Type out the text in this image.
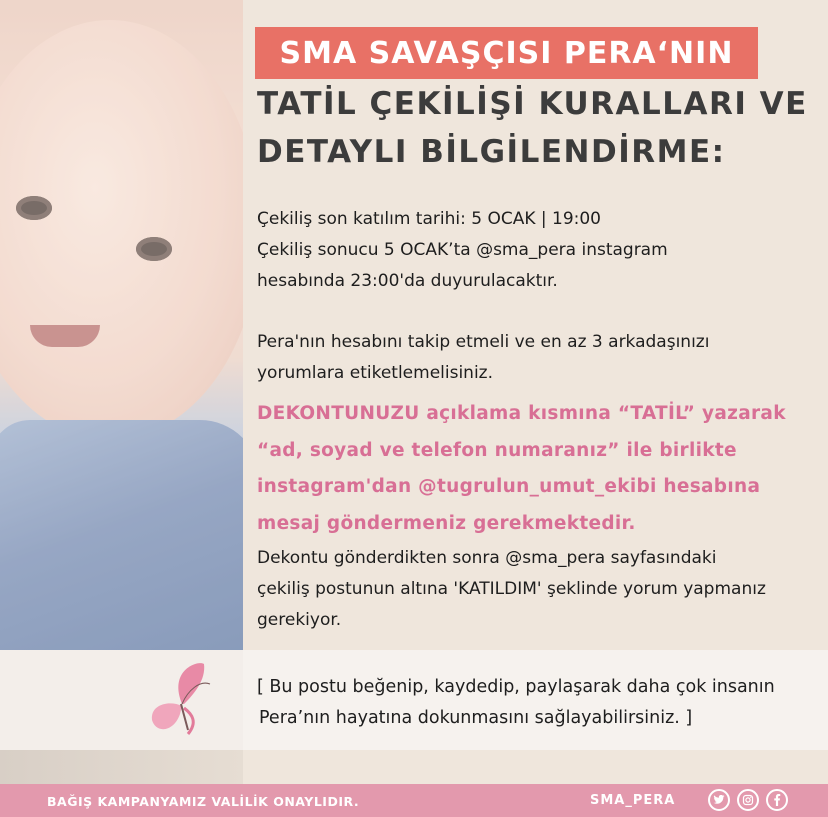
SMA SAVAŞÇISI PERA‘NIN
TATİL ÇEKİLİŞİ KURALLARI VE
DETAYLI BİLGİLENDİRME:
Çekiliş son katılım tarihi: 5 OCAK | 19:00
Çekiliş sonucu 5 OCAK’ta @sma_pera instagram
hesabında 23:00'da duyurulacaktır.
Pera'nın hesabını takip etmeli ve en az 3 arkadaşınızı
yorumlara etiketlemelisiniz.
DEKONTUNUZU açıklama kısmına “TATİL” yazarak
“ad, soyad ve telefon numaranız” ile birlikte
instagram'dan @tugrulun_umut_ekibi hesabına
mesaj göndermeniz gerekmektedir.
Dekontu gönderdikten sonra @sma_pera sayfasındaki
çekiliş postunun altına 'KATILDIM' şeklinde yorum yapmanız
gerekiyor.
[ Bu postu beğenip, kaydedip, paylaşarak daha çok insanın
Pera’nın hayatına dokunmasını sağlayabilirsiniz. ]
BAĞIŞ KAMPANYAMIZ VALİLİK ONAYLIDIR.	SMA_PERA
